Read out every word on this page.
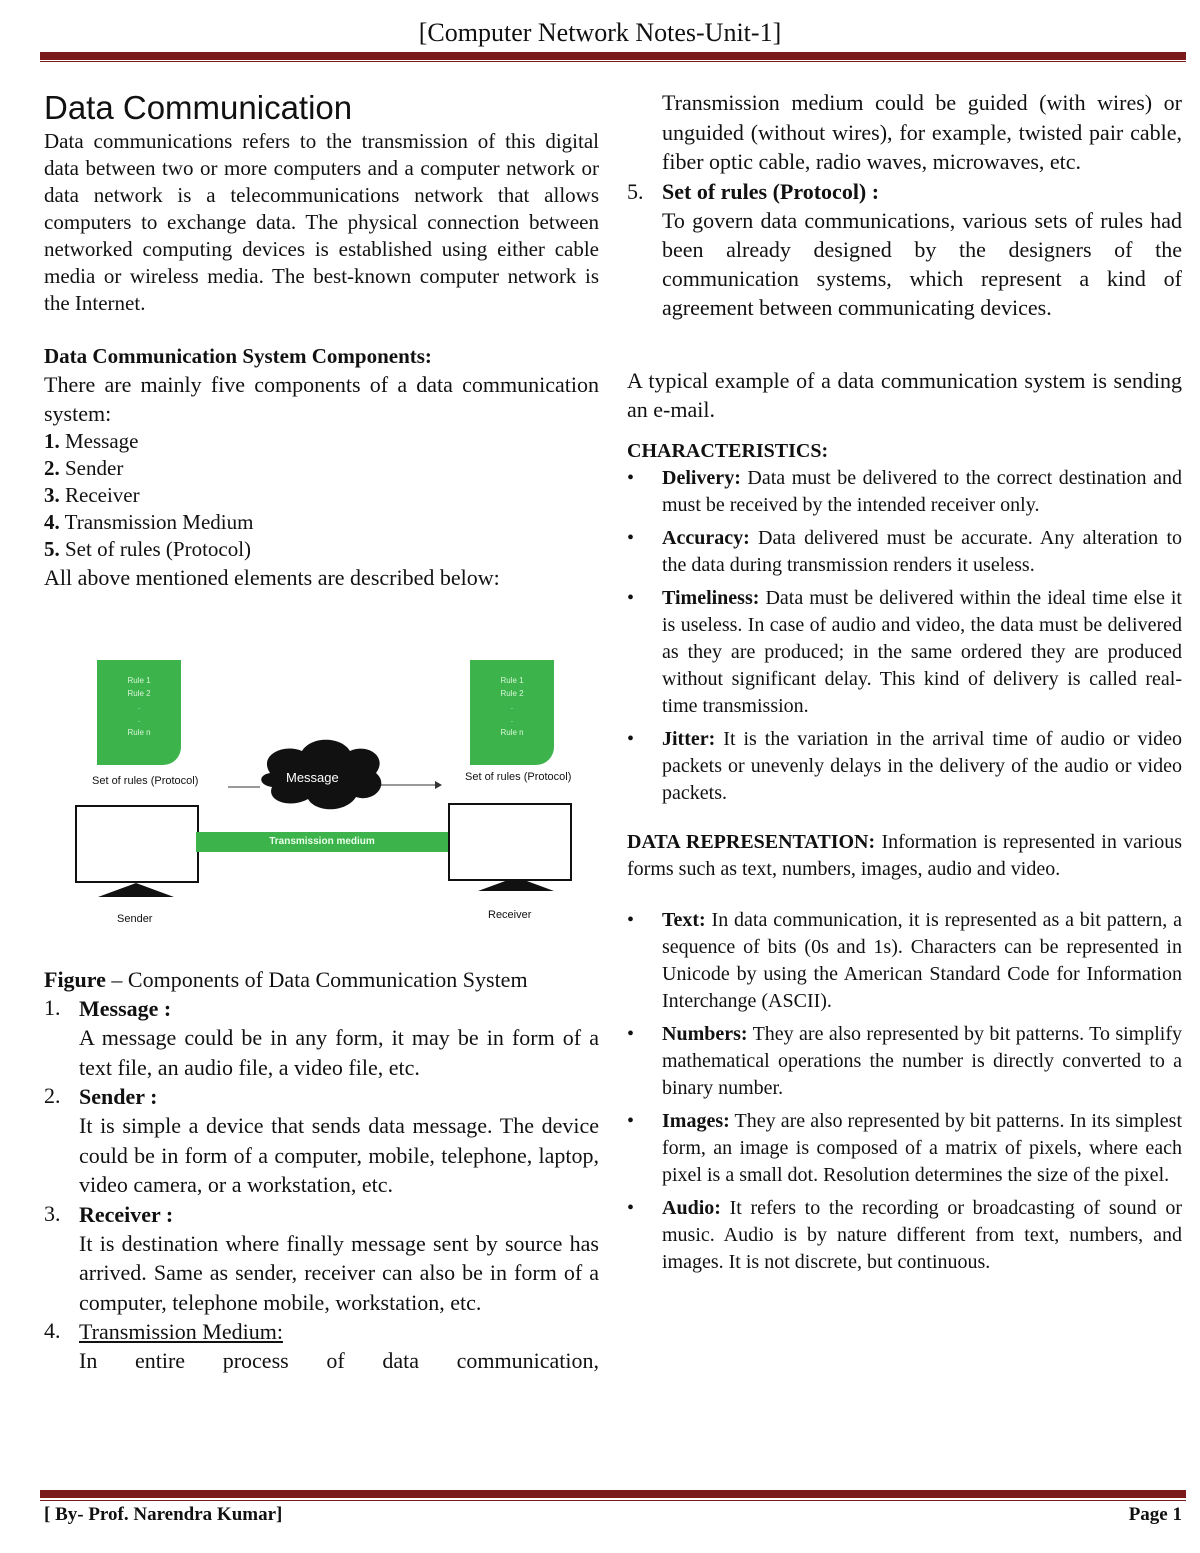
[Computer Network Notes-Unit-1]
Data Communication

Data communications refers to the transmission of this digital data between two or more computers and a computer network or data network is a telecommunications network that allows computers to exchange data. The physical connection between networked computing devices is established using either cable media or wireless media. The best-known computer network is the Internet.

Data Communication System Components:

There are mainly five components of a data communication system:

1. Message
2. Sender
3. Receiver
4. Transmission Medium
5. Set of rules (Protocol)

All above mentioned elements are described below:

Rule 1
Rule 2
.
.
Rule n
Rule 1
Rule 2
.
.
Rule n
Set of rules (Protocol)	Set of rules (Protocol)
Message
Transmission medium
Sender	Receiver

Figure – Components of Data Communication System

1. Message :
A message could be in any form, it may be in form of a text file, an audio file, a video file, etc.
2. Sender :
It is simple a device that sends data message. The device could be in form of a computer, mobile, telephone, laptop, video camera, or a workstation, etc.
3. Receiver :
It is destination where finally message sent by source has arrived. Same as sender, receiver can also be in form of a computer, telephone mobile, workstation, etc.
4. Transmission Medium:
In entire process of data communication,
Transmission medium could be guided (with wires) or unguided (without wires), for example, twisted pair cable, fiber optic cable, radio waves, microwaves, etc.
5. Set of rules (Protocol) :
To govern data communications, various sets of rules had been already designed by the designers of the communication systems, which represent a kind of agreement between communicating devices.

A typical example of a data communication system is sending an e-mail.

CHARACTERISTICS:
• Delivery: Data must be delivered to the correct destination and must be received by the intended receiver only.
• Accuracy: Data delivered must be accurate. Any alteration to the data during transmission renders it useless.
• Timeliness: Data must be delivered within the ideal time else it is useless. In case of audio and video, the data must be delivered as they are produced; in the same ordered they are produced without significant delay. This kind of delivery is called real-time transmission.
• Jitter: It is the variation in the arrival time of audio or video packets or unevenly delays in the delivery of the audio or video packets.

DATA REPRESENTATION: Information is represented in various forms such as text, numbers, images, audio and video.

• Text: In data communication, it is represented as a bit pattern, a sequence of bits (0s and 1s). Characters can be represented in Unicode by using the American Standard Code for Information Interchange (ASCII).
• Numbers: They are also represented by bit patterns. To simplify mathematical operations the number is directly converted to a binary number.
• Images: They are also represented by bit patterns. In its simplest form, an image is composed of a matrix of pixels, where each pixel is a small dot. Resolution determines the size of the pixel.
• Audio: It refers to the recording or broadcasting of sound or music. Audio is by nature different from text, numbers, and images. It is not discrete, but continuous.
[ By- Prof. Narendra Kumar]	Page 1
